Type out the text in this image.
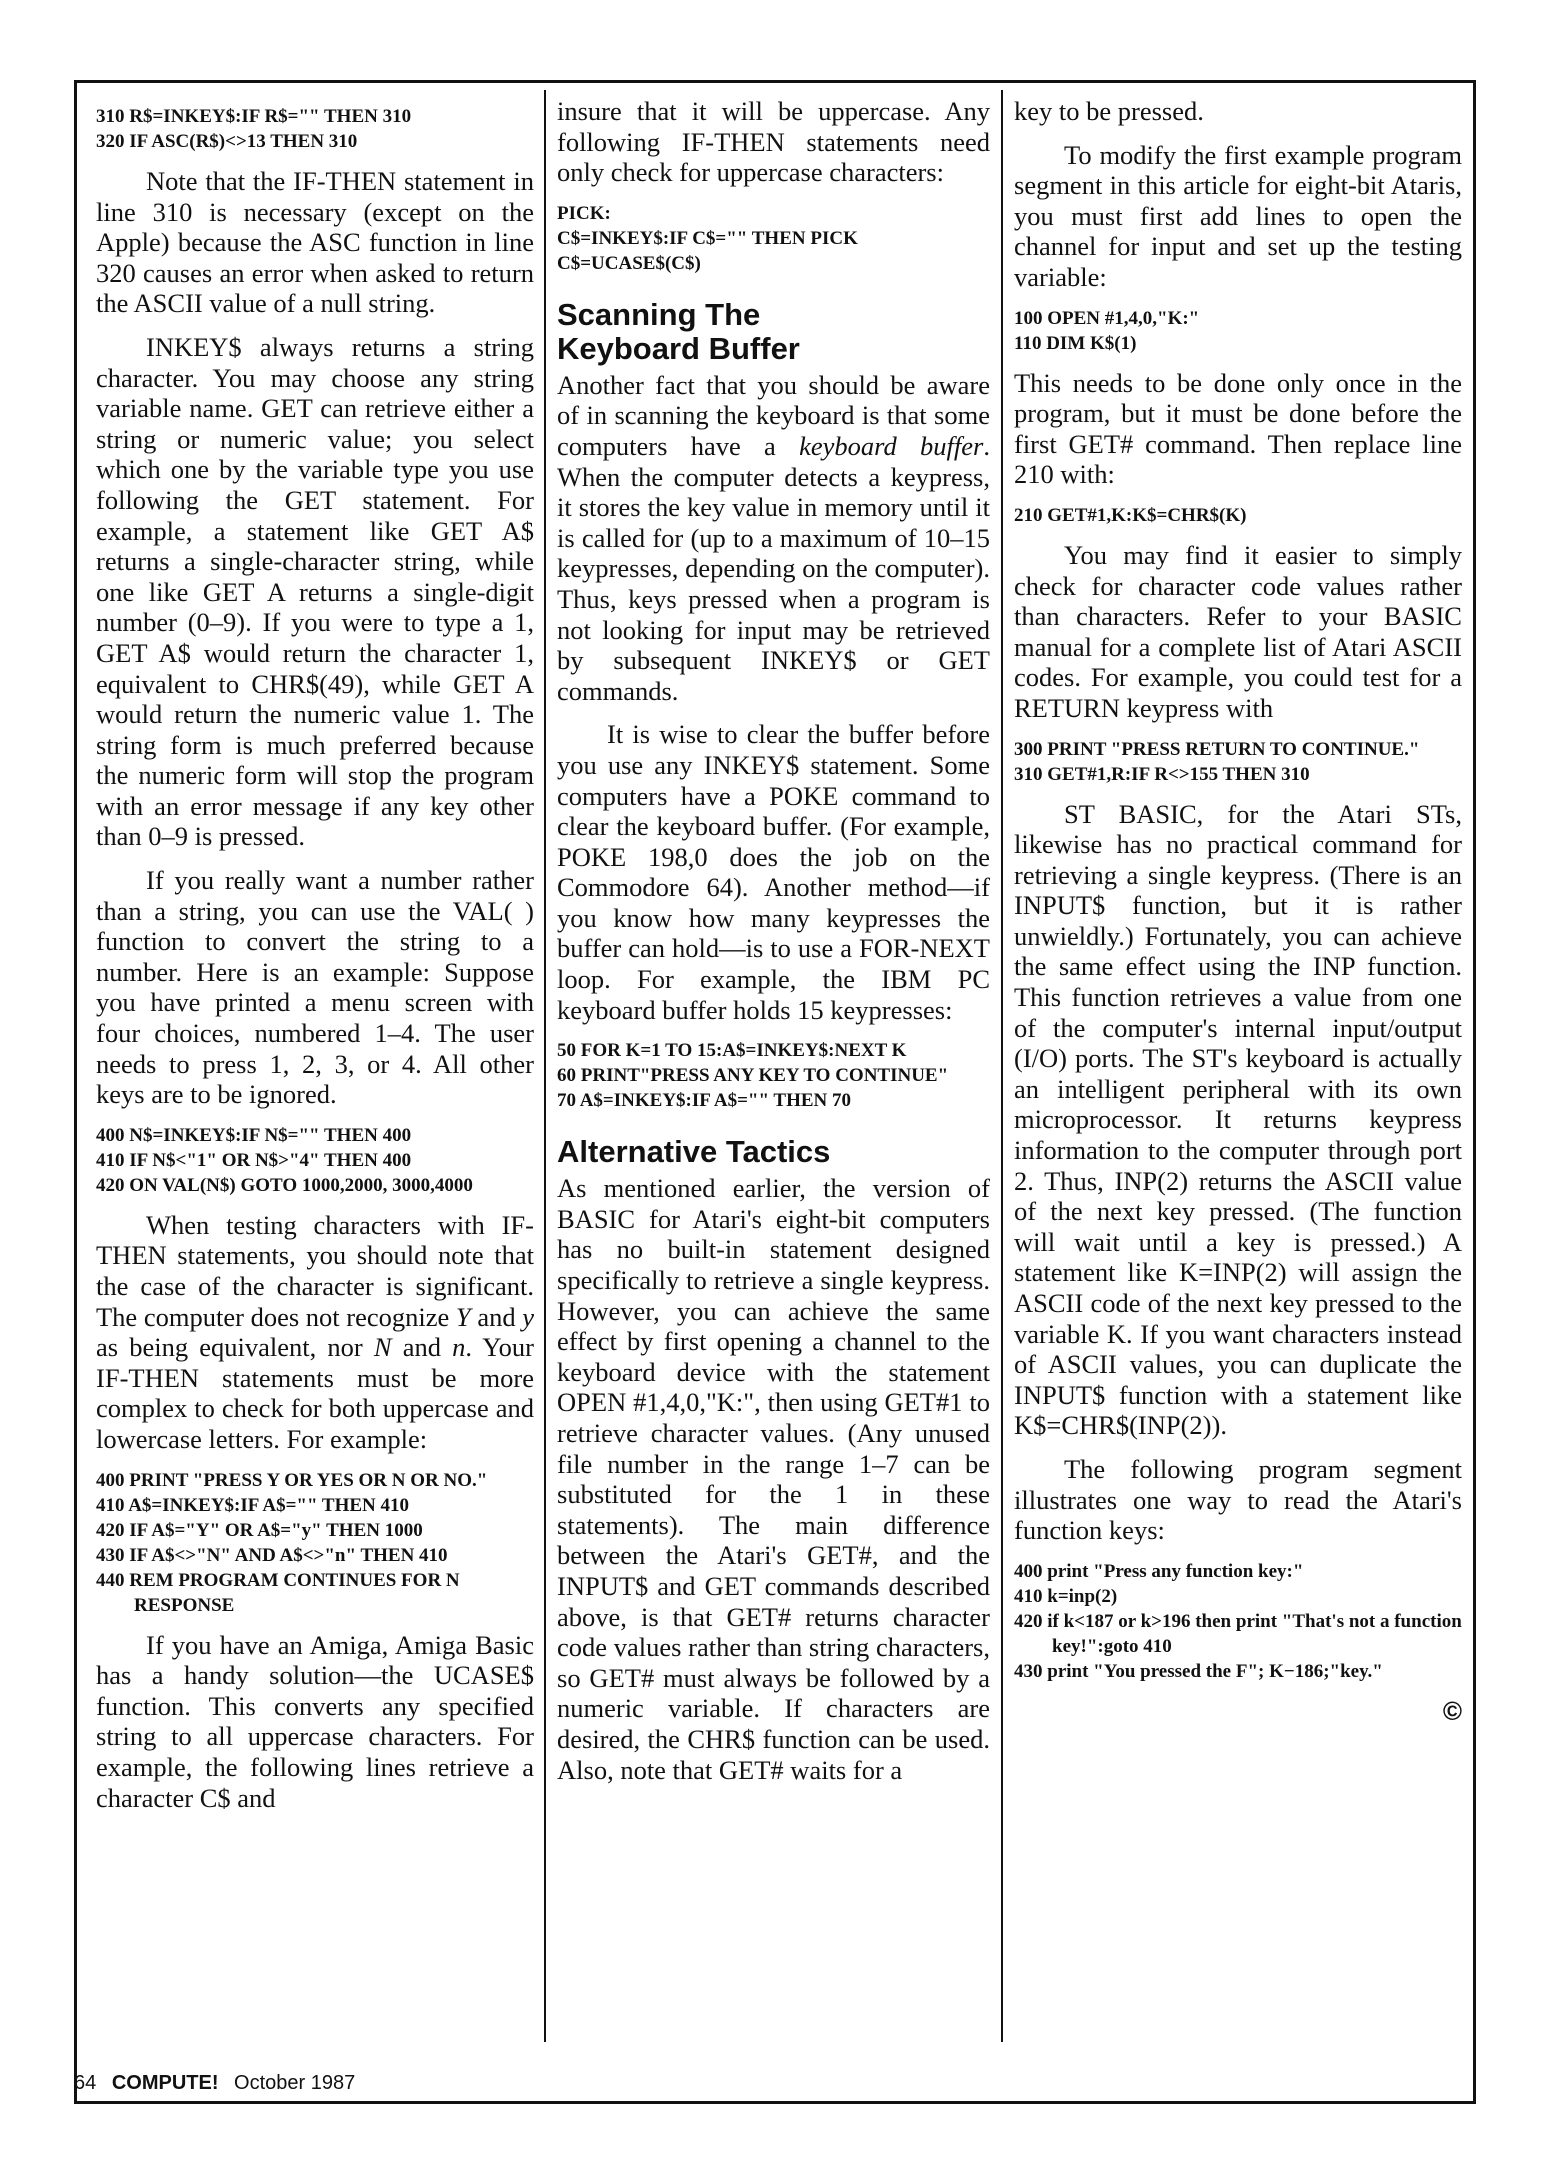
310 R$=INKEY$:IF R$="" THEN 310
320 IF ASC(R$)<>13 THEN 310

Note that the IF-THEN statement in line 310 is necessary (except on the Apple) because the ASC function in line 320 causes an error when asked to return the ASCII value of a null string.

INKEY$ always returns a string character. You may choose any string variable name. GET can retrieve either a string or numeric value; you select which one by the variable type you use following the GET statement. For example, a statement like GET A$ returns a single-character string, while one like GET A returns a single-digit number (0–9). If you were to type a 1, GET A$ would return the character 1, equivalent to CHR$(49), while GET A would return the numeric value 1. The string form is much preferred because the numeric form will stop the program with an error message if any key other than 0–9 is pressed.

If you really want a number rather than a string, you can use the VAL( ) function to convert the string to a number. Here is an example: Suppose you have printed a menu screen with four choices, numbered 1–4. The user needs to press 1, 2, 3, or 4. All other keys are to be ignored.

400 N$=INKEY$:IF N$="" THEN 400
410 IF N$<"1" OR N$>"4" THEN 400
420 ON VAL(N$) GOTO 1000,2000, 3000,4000

When testing characters with IF-THEN statements, you should note that the case of the character is significant. The computer does not recognize Y and y as being equivalent, nor N and n. Your IF-THEN statements must be more complex to check for both uppercase and lowercase letters. For example:

400 PRINT "PRESS Y OR YES OR N OR NO."
410 A$=INKEY$:IF A$="" THEN 410
420 IF A$="Y" OR A$="y" THEN 1000
430 IF A$<>"N" AND A$<>"n" THEN 410
440 REM PROGRAM CONTINUES FOR N RESPONSE

If you have an Amiga, Amiga Basic has a handy solution—the UCASE$ function. This converts any specified string to all uppercase characters. For example, the following lines retrieve a character C$ and

insure that it will be uppercase. Any following IF-THEN statements need only check for uppercase characters:

PICK:
C$=INKEY$:IF C$="" THEN PICK
C$=UCASE$(C$)
Scanning The
Keyboard Buffer

Another fact that you should be aware of in scanning the keyboard is that some computers have a keyboard buffer. When the computer detects a keypress, it stores the key value in memory until it is called for (up to a maximum of 10–15 keypresses, depending on the computer). Thus, keys pressed when a program is not looking for input may be retrieved by subsequent INKEY$ or GET commands.

It is wise to clear the buffer before you use any INKEY$ statement. Some computers have a POKE command to clear the keyboard buffer. (For example, POKE 198,0 does the job on the Commodore 64). Another method—if you know how many keypresses the buffer can hold—is to use a FOR-NEXT loop. For example, the IBM PC keyboard buffer holds 15 keypresses:

50 FOR K=1 TO 15:A$=INKEY$:NEXT K
60 PRINT"PRESS ANY KEY TO CONTINUE"
70 A$=INKEY$:IF A$="" THEN 70
Alternative Tactics

As mentioned earlier, the version of BASIC for Atari's eight-bit computers has no built-in statement designed specifically to retrieve a single keypress. However, you can achieve the same effect by first opening a channel to the keyboard device with the statement OPEN #1,4,0,"K:", then using GET#1 to retrieve character values. (Any unused file number in the range 1–7 can be substituted for the 1 in these statements). The main difference between the Atari's GET#, and the INPUT$ and GET commands described above, is that GET# returns character code values rather than string characters, so GET# must always be followed by a numeric variable. If characters are desired, the CHR$ function can be used. Also, note that GET# waits for a

key to be pressed.

To modify the first example program segment in this article for eight-bit Ataris, you must first add lines to open the channel for input and set up the testing variable:

100 OPEN #1,4,0,"K:"
110 DIM K$(1)

This needs to be done only once in the program, but it must be done before the first GET# command. Then replace line 210 with:

210 GET#1,K:K$=CHR$(K)

You may find it easier to simply check for character code values rather than characters. Refer to your BASIC manual for a complete list of Atari ASCII codes. For example, you could test for a RETURN keypress with

300 PRINT "PRESS RETURN TO CONTINUE."
310 GET#1,R:IF R<>155 THEN 310

ST BASIC, for the Atari STs, likewise has no practical command for retrieving a single keypress. (There is an INPUT$ function, but it is rather unwieldly.) Fortunately, you can achieve the same effect using the INP function. This function retrieves a value from one of the computer's internal input/output (I/O) ports. The ST's keyboard is actually an intelligent peripheral with its own microprocessor. It returns keypress information to the computer through port 2. Thus, INP(2) returns the ASCII value of the next key pressed. (The function will wait until a key is pressed.) A statement like K=INP(2) will assign the ASCII code of the next key pressed to the variable K. If you want characters instead of ASCII values, you can duplicate the INPUT$ function with a statement like K$=CHR$(INP(2)).

The following program segment illustrates one way to read the Atari's function keys:

400 print "Press any function key:"
410 k=inp(2)
420 if k<187 or k>196 then print "That's not a function key!":goto 410
430 print "You pressed the F"; K−186;"key."
©
64 COMPUTE! October 1987
